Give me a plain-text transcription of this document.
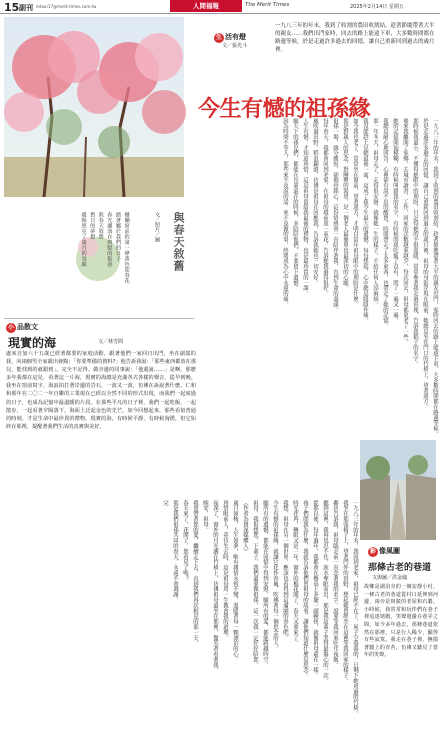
15 副刊 mtour17@merit-times.com.tw	人間福報	The Merit Times	2025年2月14日 星期五
生 活有燈
文／張光斗
一九八三年的年末，我到了收割的農田收割結，趁著節慶帶著大半的親友……我們出門家時，回去的路上能遠下車，大多數時間都在路邊等候，於是走過許多過去的回憶，讓自己重新回到過去的歲月裡。
今生有憾的祖孫緣
與春天敘舊
文／照片／圖
栅欄窗前的第一條黃色迎春花
踏著屬於我們的日子
春光灑落在斑駁的街巷
與春天敘舊
舊日的夢想
暖陽照亮了歲月的容顏
小 品散文
現實的海	文／林雪問
處來自加六十五歲已經著都要的家庭活動，跟著他們一家回日出門，坐在副駕的我，向兩個男全家親出發點；「你要準備的資料?」他告訴我說：「那些東西都放在那兒，能找到的就跟到」，完全不記得。做旁邊的同事說：「他還說……」是啊，那麼多年我都在這兒，看著這一片海，現實的海總是充滿各式各樣的聲音，從早到晚。我坐在窗前寫字，海浪拍打著岸邊的岩石，一波又一波，彷彿在訴說著什麼。仁和和那年在二〇二一年自聯的工業現在已經以全然不同的形式出現，而我們一起度過的日子，也成為記憶中最溫暖的片段。在那些平凡的日子裡，我們一起吃飯，一起散步，一起看著夕陽落下，海面上泛起金色的光芒。如今回想起來，那些看似普通的時刻，才是生命中最珍貴的禮物。現實的海，有時候平靜，有時候洶湧，但它始終在那裡，提醒著我們生活的真實與美好。	一九八三年的年末，我到了收割的農田收割結，趁著節慶帶著大半的親友出門，家時回去的路上能遠下車，大多數時間都在路邊等候。
於是走過許多過去的回憶，讓自己重新回到過去的歲月裡，祖母的身影浮現在眼前，她總是坐在門口的竹椅上，望著遠方。
那時候我還小，不懂得她眼中的期盼，只記得她的手很溫暖，常常牽著我走過田埂，告訴我稻子的名字。
後來我離開了家鄉，去城市讀書、工作，回家的次數越來越少，每次回去，祖母都更老了一些。
她的記憶開始模糊，有時候叫錯我的名字，有時候問我吃飯了沒有，問了一遍又一遍。
我總是耐心地回答，心裡卻有說不出的酸楚，時間帶走了太多東西，也帶走了她的記憶。
那一年冬天，祖母走了，走得很安靜，就像她一生的樣子，不給任何人添麻煩。
我沒能趕上見她最後一面，這成了我今生最大的遺憾，每每想起，心中總是隱隱作痛。
如今我也老了，常常坐在窗前，望著遠方，才明白當年祖母眼中的期盼是什麼。
那是對親人的思念，對團聚的渴望，是一個老人最簡單也最深切的心願。
祖孫一場，緣分雖短，卻刻骨銘心，這份情感會一直陪伴著我，直到生命的盡頭。
每年春天，我都會回到老家，在祖母的墳前放一束花，告訴她我過得很好。
風吹過田野，稻浪翻滾，彷彿是祖母在回應我，告訴我她也一切安好。
人生有憾，才知道珍惜，這是祖母留給我最後的禮物，也是最珍貴的一課。
願天下的孫兒們，都能在長輩還在的時候，多陪陪他們，不要留下遺憾。
因為時間不等人，那些來不及說的話、來不及做的事，終將成為心中永遠的痛。
一九八三年的年末，我回到老家，祖母已經不在了，屋子空蕩蕩的，只剩下她用過的竹椅。
我坐在那張椅子上，望著門外的田野，想起她曾經坐在這裡等我回家的樣子。
鄰居告訴我，祖母臨走前一直念著我的名字，說要等我回來吃年夜飯。
聽到這裡，我再也忍不住，淚水奪眶而出，那是我這輩子哭得最傷心的一次。
從那以後，每年過年，我都會在餐桌上多擺一副碗筷，就像祖母還在一樣。
孩子們問我為什麼，我就告訴他們曾祖母的故事，讓他們知道什麼是思念。
時光荏苒，轉眼又是一年，窗外的梅花開了，春天又要來了。
我想，祖母在另一個世界，應該也看得到這滿園的春色吧。
今生有憾的祖孫緣，就讓它化作春風，吹拂著每一個思念的人。
願所有的遺憾，都能在回憶中得到安慰，願所有的愛，都能跨越時空。
祖母，我很想您，下輩子，我們還要做祖孫，這一次我一定好好陪您。
（作者為資深媒體人）
歲月如梭，人生如夢，唯有親情永恆不變，溫暖著每一顆漂泊的心。
珍惜眼前人，莫待失去時，這是祖母用一生教會我的道理。
夜深了，窗外的月光灑在竹椅上，彷彿祖母還坐在那裡，微笑著看著我。
晚安，祖母。
我會帶著您的愛，繼續走下去，直到我們再次相見的那一天。
春天來了，花開了，您看見了嗎？
那是我們祖孫共同的春天，永遠不會凋謝。
完
影 像風圖
那條古老的巷道
文與圖／洪金鳳
故鄉是湖泊旁的一個安靜小村，一條古老的巷道從村口延伸到河邊，兩旁是斑駁的老屋和石牆。小時候，我常常和玩伴們在巷子裡追逐嬉戲，笑聲迴盪在巷弄之間。如今多年過去，那條巷道依然在那裡，只是行人稀少，顯得有些寂寞。我走在巷子裡，撫摸著牆上的青苔，彷彿又聽見了當年的笑聲。
